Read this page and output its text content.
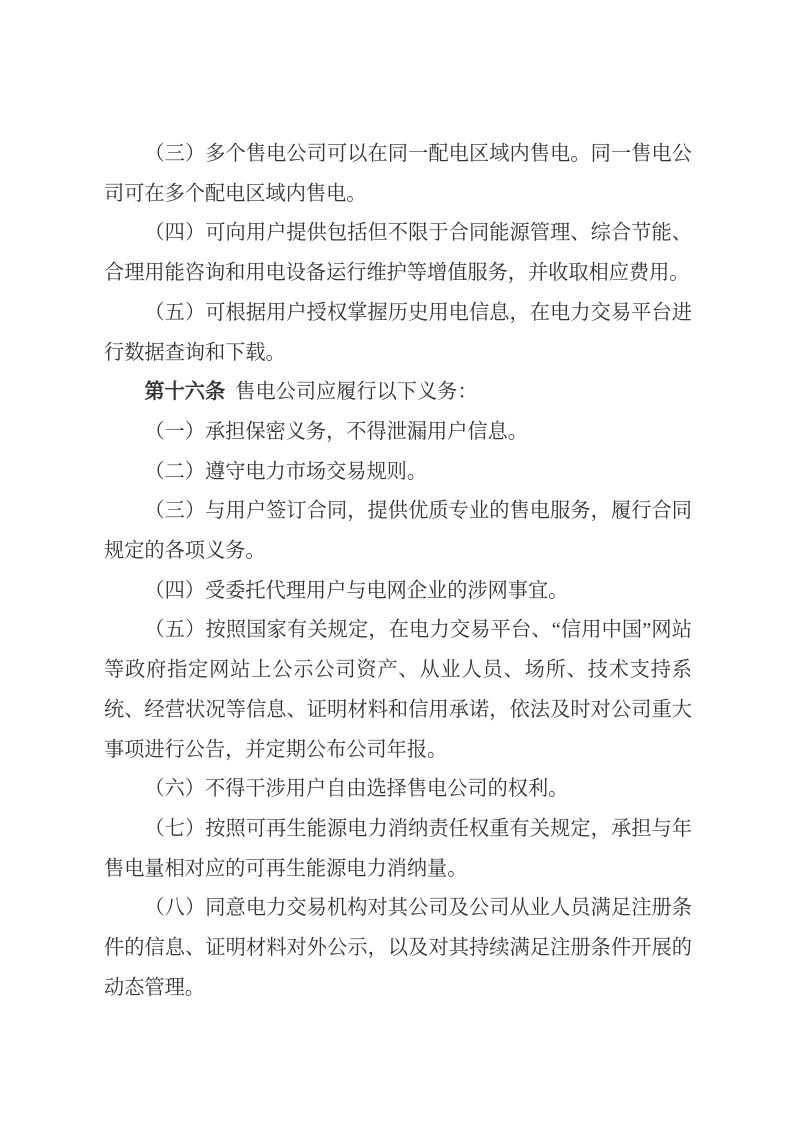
（三）多个售电公司可以在同一配电区域内售电。同一售电公司可在多个配电区域内售电。

（四）可向用户提供包括但不限于合同能源管理、综合节能、合理用能咨询和用电设备运行维护等增值服务，并收取相应费用。

（五）可根据用户授权掌握历史用电信息，在电力交易平台进行数据查询和下载。

第十六条 售电公司应履行以下义务：

（一）承担保密义务，不得泄漏用户信息。

（二）遵守电力市场交易规则。

（三）与用户签订合同，提供优质专业的售电服务，履行合同规定的各项义务。

（四）受委托代理用户与电网企业的涉网事宜。

（五）按照国家有关规定，在电力交易平台、“信用中国”网站等政府指定网站上公示公司资产、从业人员、场所、技术支持系统、经营状况等信息、证明材料和信用承诺，依法及时对公司重大事项进行公告，并定期公布公司年报。

（六）不得干涉用户自由选择售电公司的权利。

（七）按照可再生能源电力消纳责任权重有关规定，承担与年售电量相对应的可再生能源电力消纳量。

（八）同意电力交易机构对其公司及公司从业人员满足注册条件的信息、证明材料对外公示，以及对其持续满足注册条件开展的动态管理。
